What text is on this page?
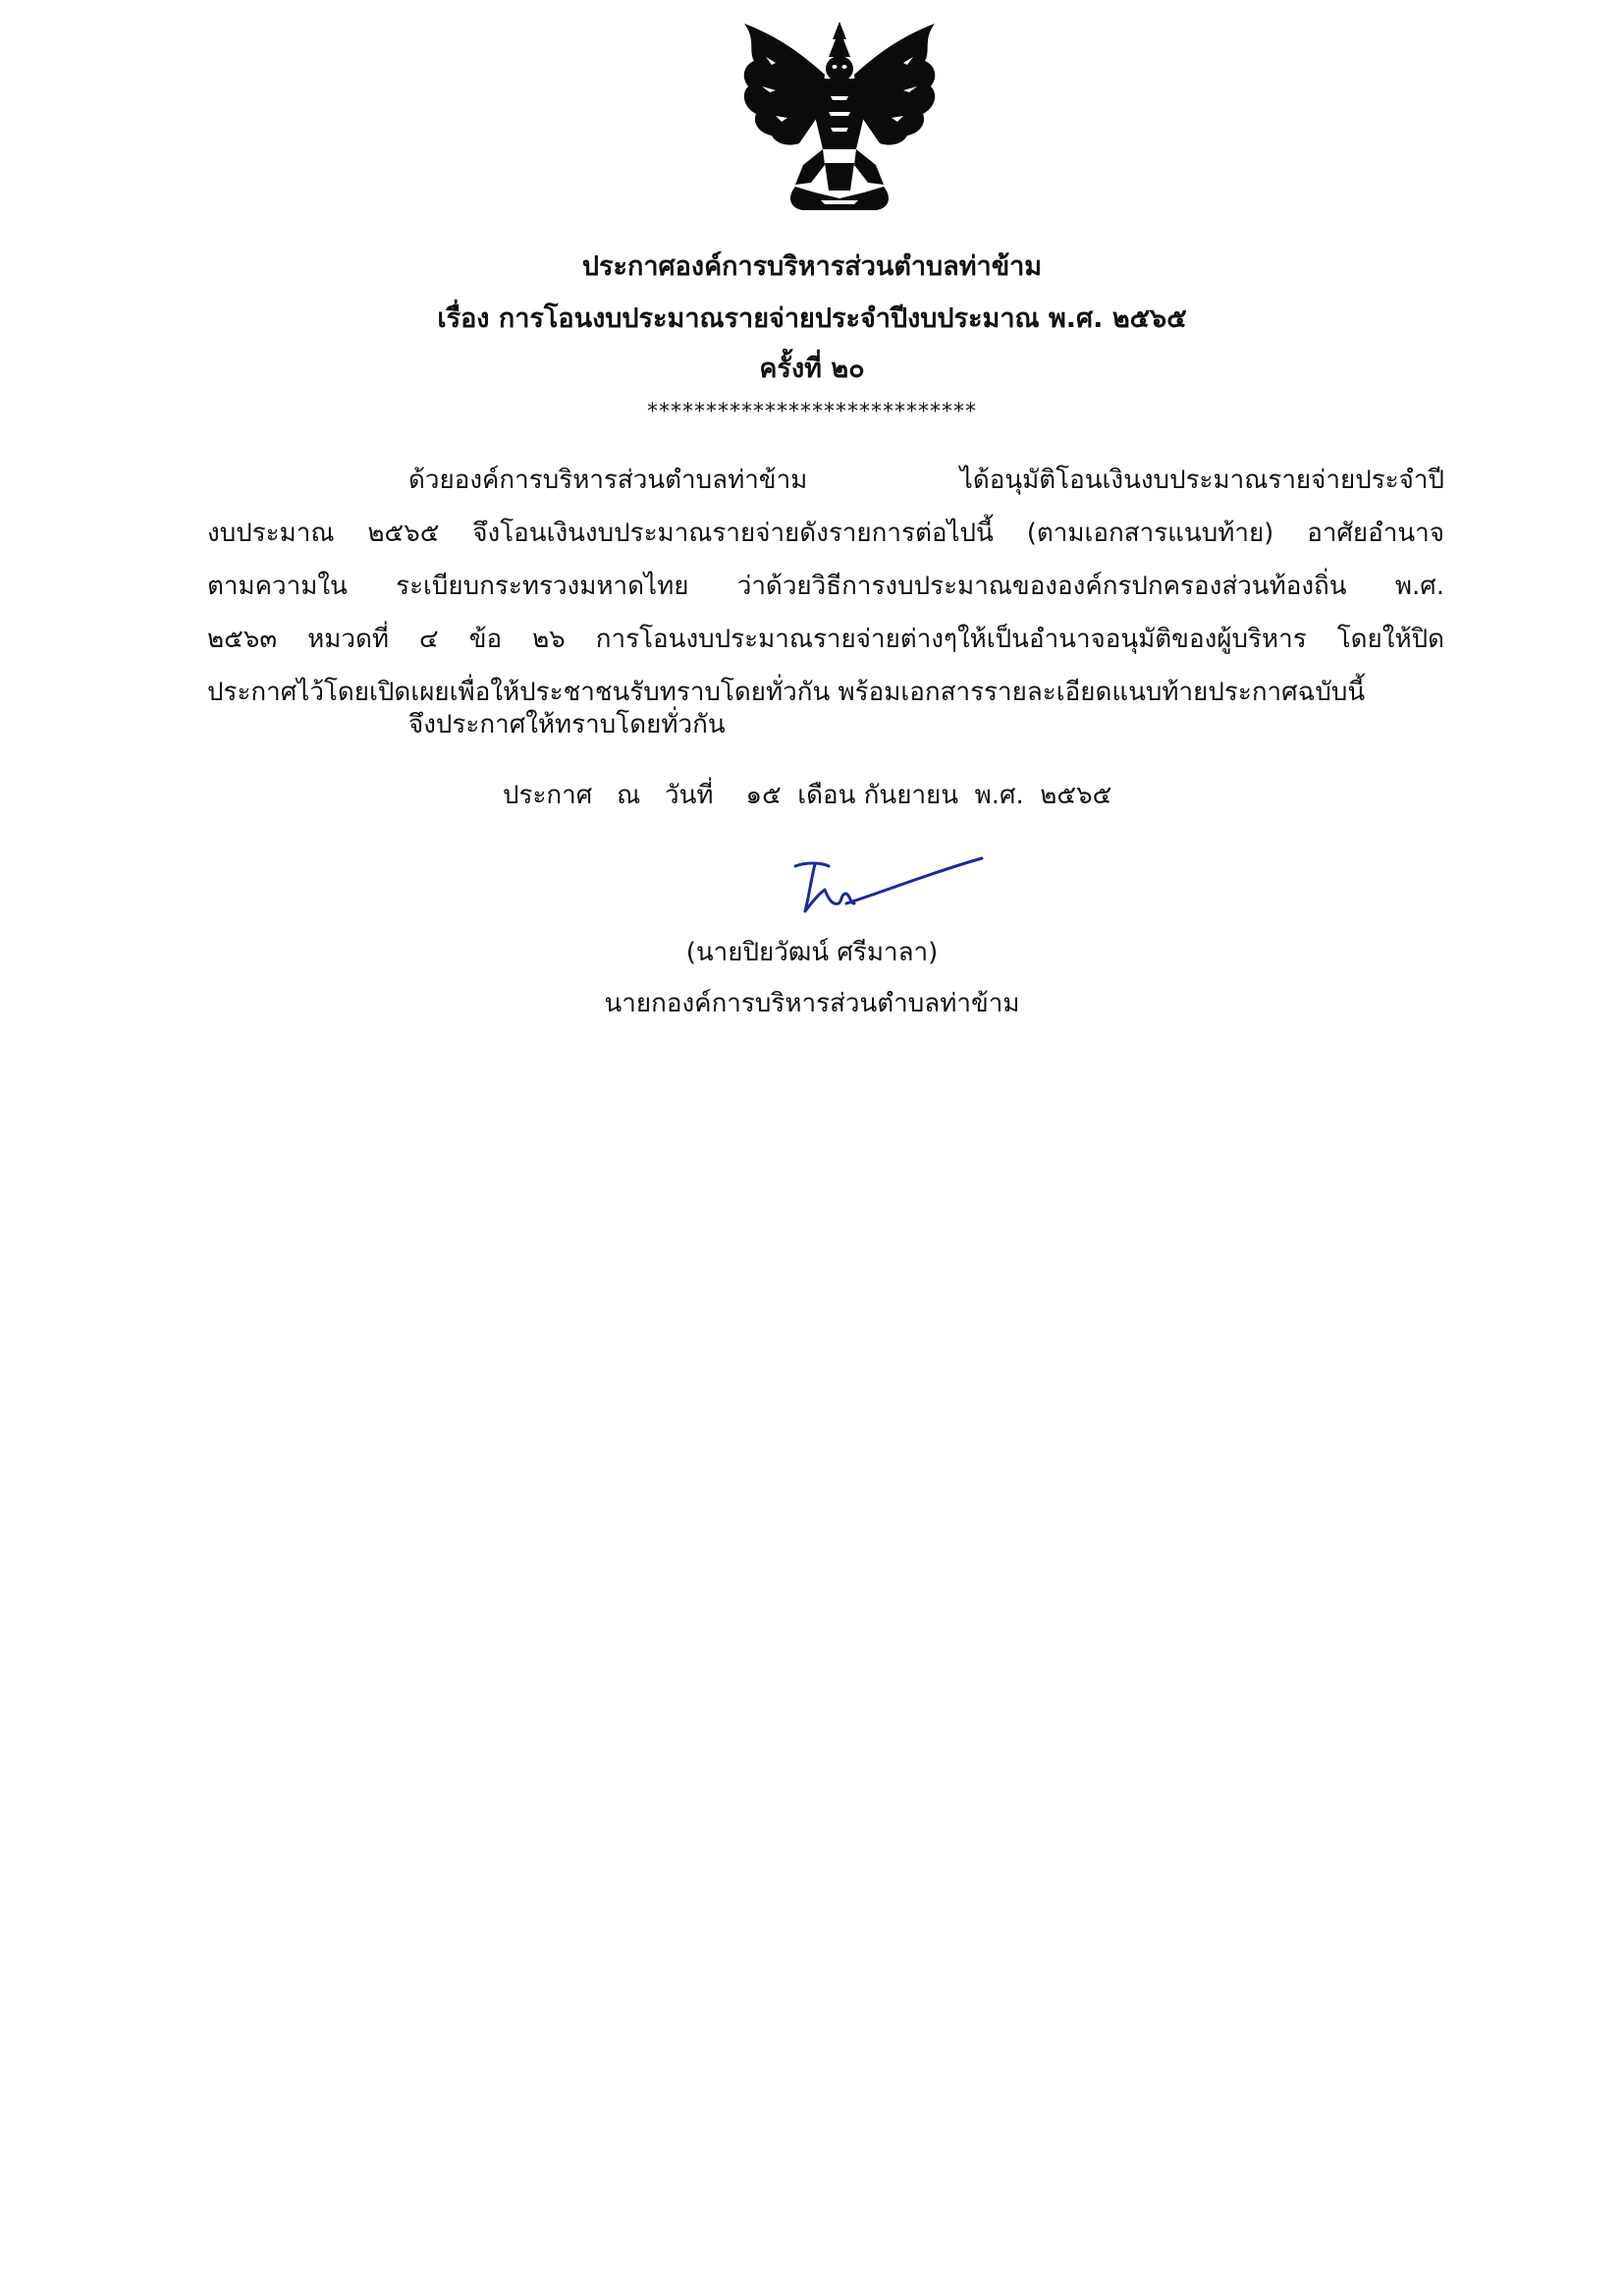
ประกาศองค์การบริหารส่วนตำบลท่าข้าม
เรื่อง การโอนงบประมาณรายจ่ายประจำปีงบประมาณ พ.ศ. ๒๕๖๕
ครั้งที่ ๒๐
****************************
ด้วยองค์การบริหารส่วนตำบลท่าข้าม ได้อนุมัติโอนเงินงบประมาณรายจ่ายประจำปี
งบประมาณ ๒๕๖๕ จึงโอนเงินงบประมาณรายจ่ายดังรายการต่อไปนี้ (ตามเอกสารแนบท้าย) อาศัยอำนาจ
ตามความใน ระเบียบกระทรวงมหาดไทย ว่าด้วยวิธีการงบประมาณขององค์กรปกครองส่วนท้องถิ่น พ.ศ.
๒๕๖๓ หมวดที่ ๔ ข้อ ๒๖ การโอนงบประมาณรายจ่ายต่างๆให้เป็นอำนาจอนุมัติของผู้บริหาร โดยให้ปิด
ประกาศไว้โดยเปิดเผยเพื่อให้ประชาชนรับทราบโดยทั่วกัน พร้อมเอกสารรายละเอียดแนบท้ายประกาศฉบับนี้
จึงประกาศให้ทราบโดยทั่วกัน
ประกาศ   ณ   วันที่    ๑๕  เดือน กันยายน  พ.ศ.  ๒๕๖๕
(นายปิยวัฒน์ ศรีมาลา)
นายกองค์การบริหารส่วนตำบลท่าข้าม
